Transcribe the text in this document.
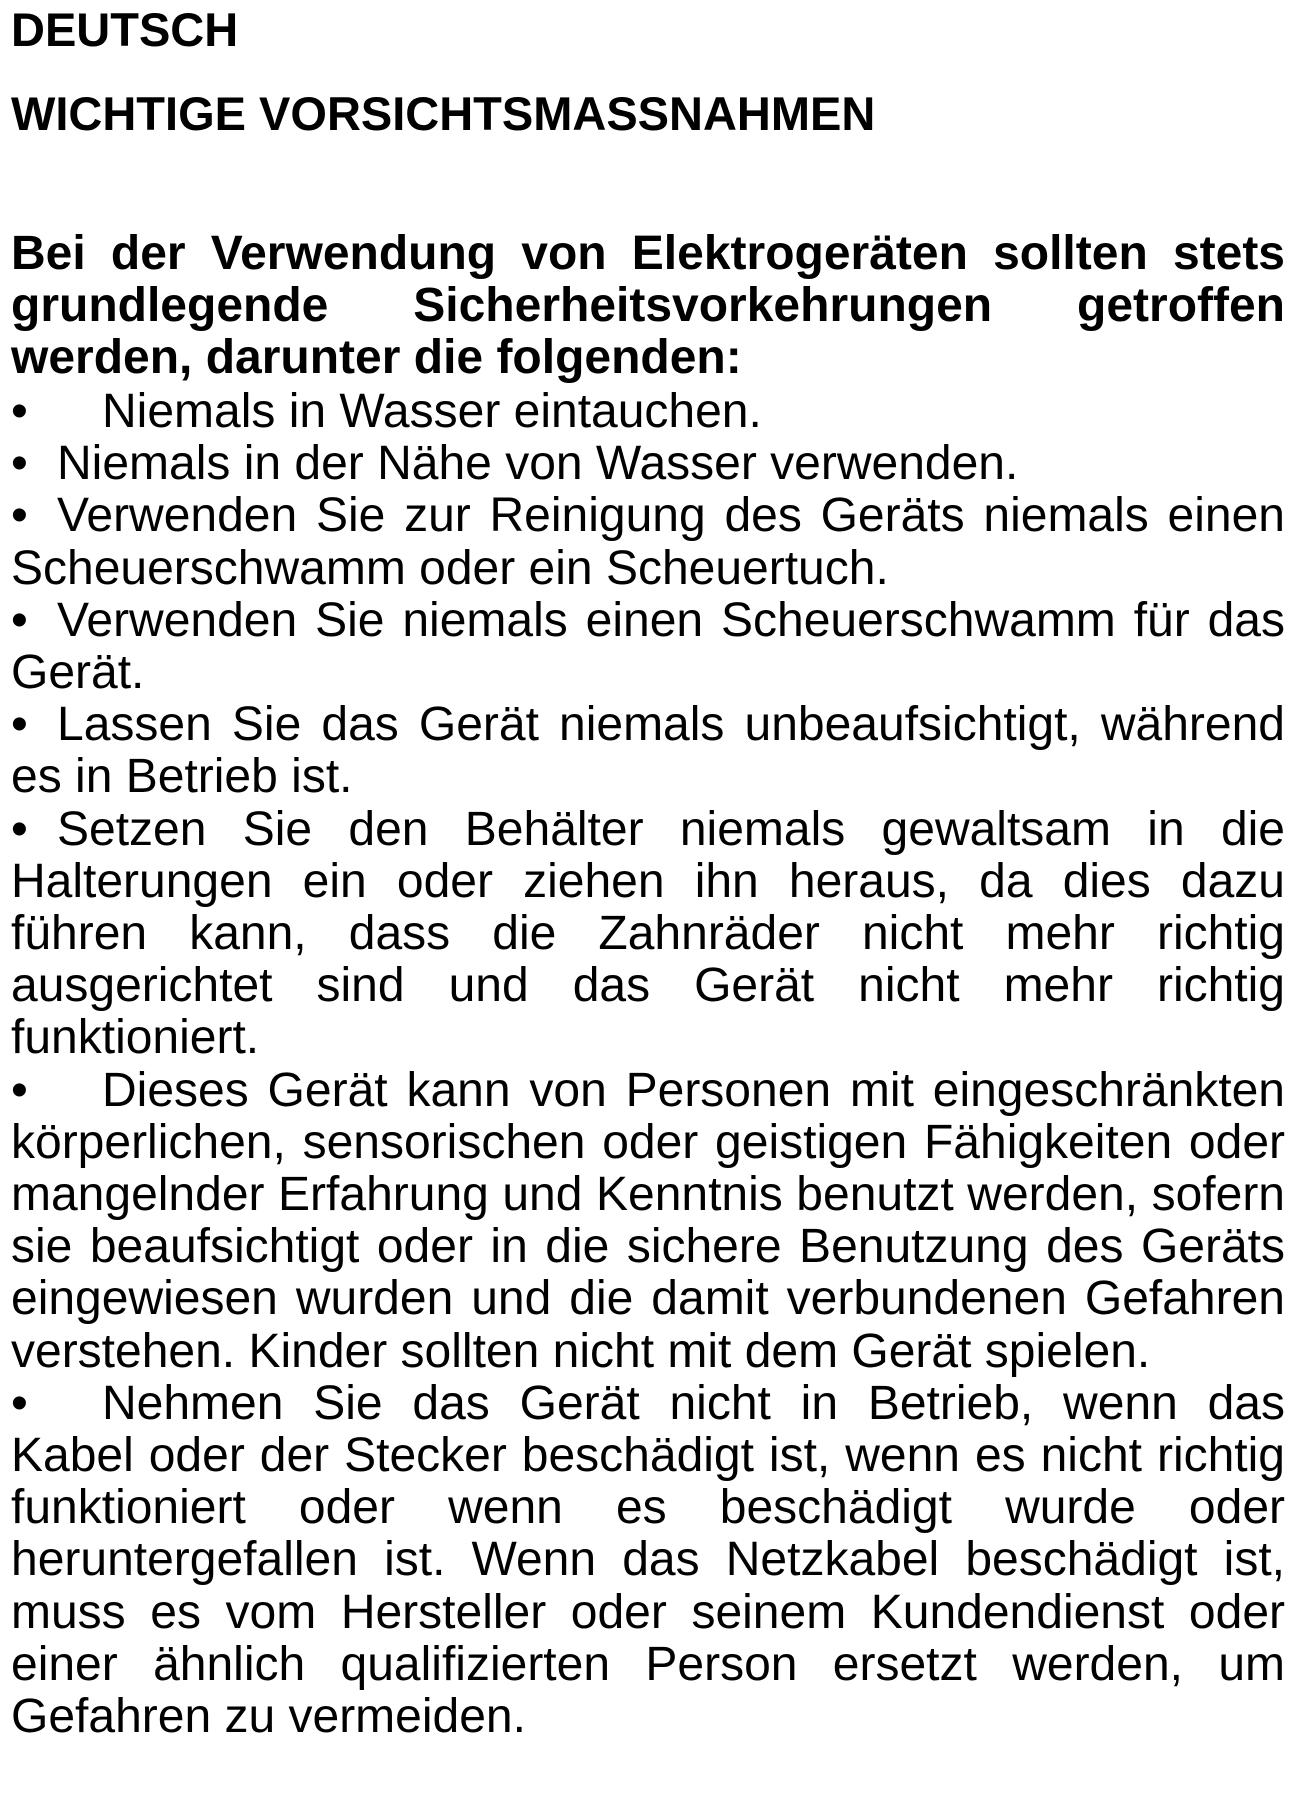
DEUTSCH
WICHTIGE VORSICHTSMASSNAHMEN
Bei der Verwendung von Elektrogeräten sollten stets grundlegende Sicherheitsvorkehrungen getroffen werden, darunter die folgenden:
• Niemals in Wasser eintauchen.
• Niemals in der Nähe von Wasser verwenden.
• Verwenden Sie zur Reinigung des Geräts niemals einen Scheuerschwamm oder ein Scheuertuch.
• Verwenden Sie niemals einen Scheuerschwamm für das Gerät.
• Lassen Sie das Gerät niemals unbeaufsichtigt, während es in Betrieb ist.
• Setzen Sie den Behälter niemals gewaltsam in die Halterungen ein oder ziehen ihn heraus, da dies dazu führen kann, dass die Zahnräder nicht mehr richtig ausgerichtet sind und das Gerät nicht mehr richtig funktioniert.
• Dieses Gerät kann von Personen mit eingeschränkten körperlichen, sensorischen oder geistigen Fähigkeiten oder mangelnder Erfahrung und Kenntnis benutzt werden, sofern sie beaufsichtigt oder in die sichere Benutzung des Geräts eingewiesen wurden und die damit verbundenen Gefahren verstehen. Kinder sollten nicht mit dem Gerät spielen.
• Nehmen Sie das Gerät nicht in Betrieb, wenn das Kabel oder der Stecker beschädigt ist, wenn es nicht richtig funktioniert oder wenn es beschädigt wurde oder heruntergefallen ist. Wenn das Netzkabel beschädigt ist, muss es vom Hersteller oder seinem Kundendienst oder einer ähnlich qualifizierten Person ersetzt werden, um Gefahren zu vermeiden.
